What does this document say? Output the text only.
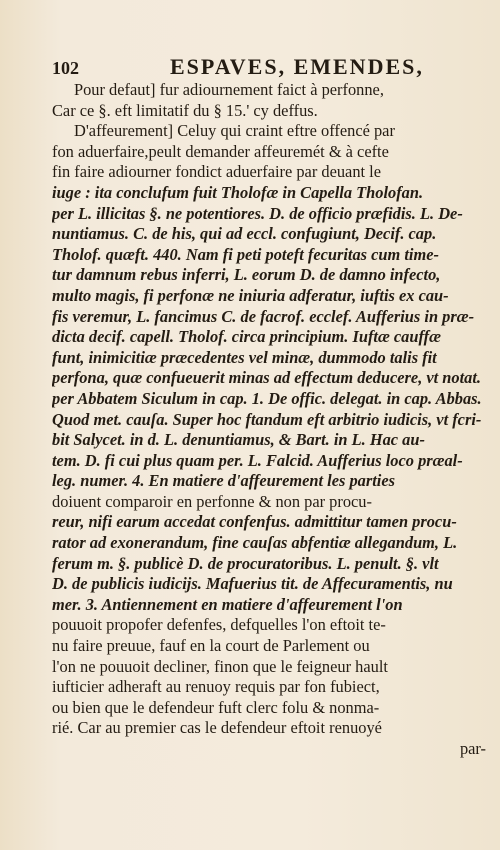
102	ESPAVES, EMENDES,
Pour defaut] fur adiournement faict à perfonne,
Car ce §. eft limitatif du § 15.' cy deffus.
D'affeurement] Celuy qui craint eftre offencé par
fon aduerfaire,peult demander affeuremét & à cefte
fin faire adiourner fondict aduerfaire par deuant le
iuge : ita conclufum fuit Tholofæ in Capella Tholofan.
per L. illicitas §. ne potentiores. D. de officio præfidis. L. De-
nuntiamus. C. de his, qui ad eccl. confugiunt, Decif. cap.
Tholof. quæft. 440. Nam fi peti poteft fecuritas cum time-
tur damnum rebus inferri, L. eorum D. de damno infecto,
multo magis, fi perfonæ ne iniuria adferatur, iuftis ex cau-
fis veremur, L. fancimus C. de facrof. ecclef. Aufferius in præ-
dicta decif. capell. Tholof. circa principium. Iuftæ cauffæ
funt, inimicitiæ præcedentes vel minæ, dummodo talis fit
perfona, quæ confueuerit minas ad effectum deducere, vt notat.
per Abbatem Siculum in cap. 1. De offic. delegat. in cap. Abbas.
Quod met. cauſa. Super hoc ftandum eft arbitrio iudicis, vt fcri-
bit Salycet. in d. L. denuntiamus, & Bart. in L. Hac au-
tem. D. fi cui plus quam per. L. Falcid. Aufferius loco præal-
leg. numer. 4. En matiere d'affeurement les parties
doiuent comparoir en perfonne & non par procu-
reur, nifi earum accedat confenfus. admittitur tamen procu-
rator ad exonerandum, fine cauſas abfentiæ allegandum, L.
ferum m. §. publicè D. de procuratoribus. L. penult. §. vlt
D. de publicis iudicijs. Mafuerius tit. de Affecuramentis, nu
mer. 3. Antiennement en matiere d'affeurement l'on
pouuoit propofer defenfes, defquelles l'on eftoit te-
nu faire preuue, fauf en la court de Parlement ou
l'on ne pouuoit decliner, finon que le feigneur hault
iufticier adheraft au renuoy requis par fon fubiect,
ou bien que le defendeur fuft clerc folu & nonma-
rié. Car au premier cas le defendeur eftoit renuoyé
par-
